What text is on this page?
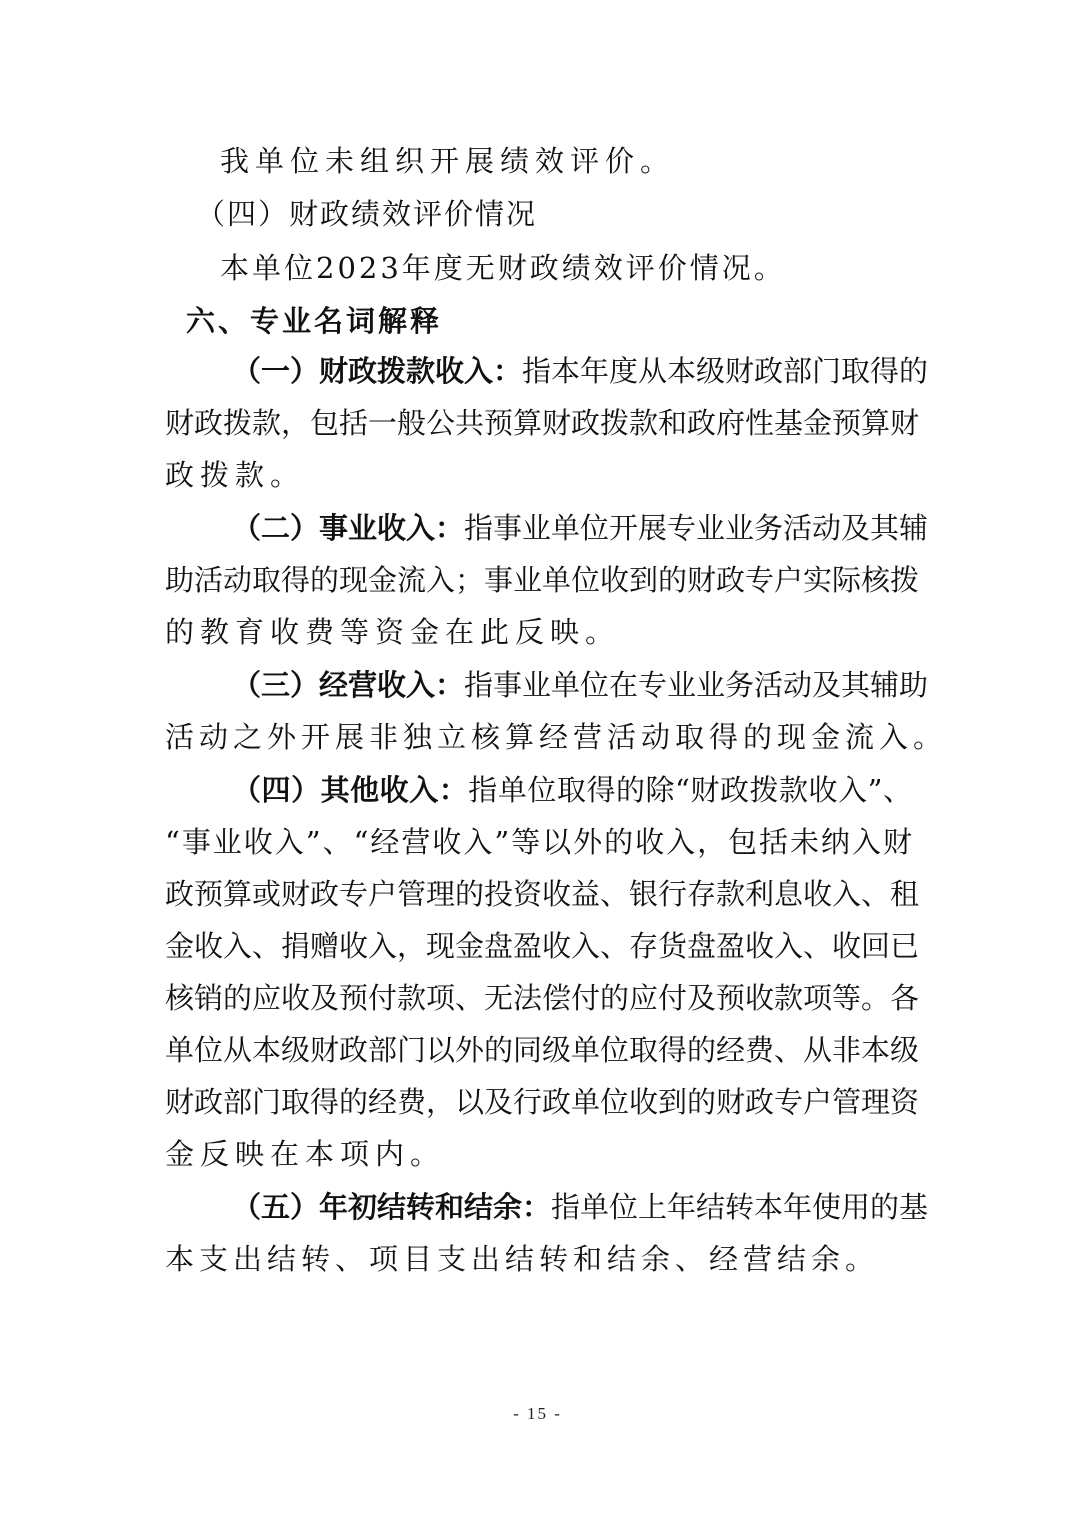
我单位未组织开展绩效评价。
（四）财政绩效评价情况
本单位2023年度无财政绩效评价情况。
六、专业名词解释
（一）财政拨款收入：指本年度从本级财政部门取得的
财政拨款，包括一般公共预算财政拨款和政府性基金预算财
政拨款。
（二）事业收入：指事业单位开展专业业务活动及其辅
助活动取得的现金流入；事业单位收到的财政专户实际核拨
的教育收费等资金在此反映。
（三）经营收入：指事业单位在专业业务活动及其辅助
活动之外开展非独立核算经营活动取得的现金流入。
（四）其他收入：指单位取得的除“财政拨款收入”、
“事业收入”、“经营收入”等以外的收入，包括未纳入财
政预算或财政专户管理的投资收益、银行存款利息收入、租
金收入、捐赠收入，现金盘盈收入、存货盘盈收入、收回已
核销的应收及预付款项、无法偿付的应付及预收款项等。各
单位从本级财政部门以外的同级单位取得的经费、从非本级
财政部门取得的经费，以及行政单位收到的财政专户管理资
金反映在本项内。
（五）年初结转和结余：指单位上年结转本年使用的基
本支出结转、项目支出结转和结余、经营结余。
- 15 -
